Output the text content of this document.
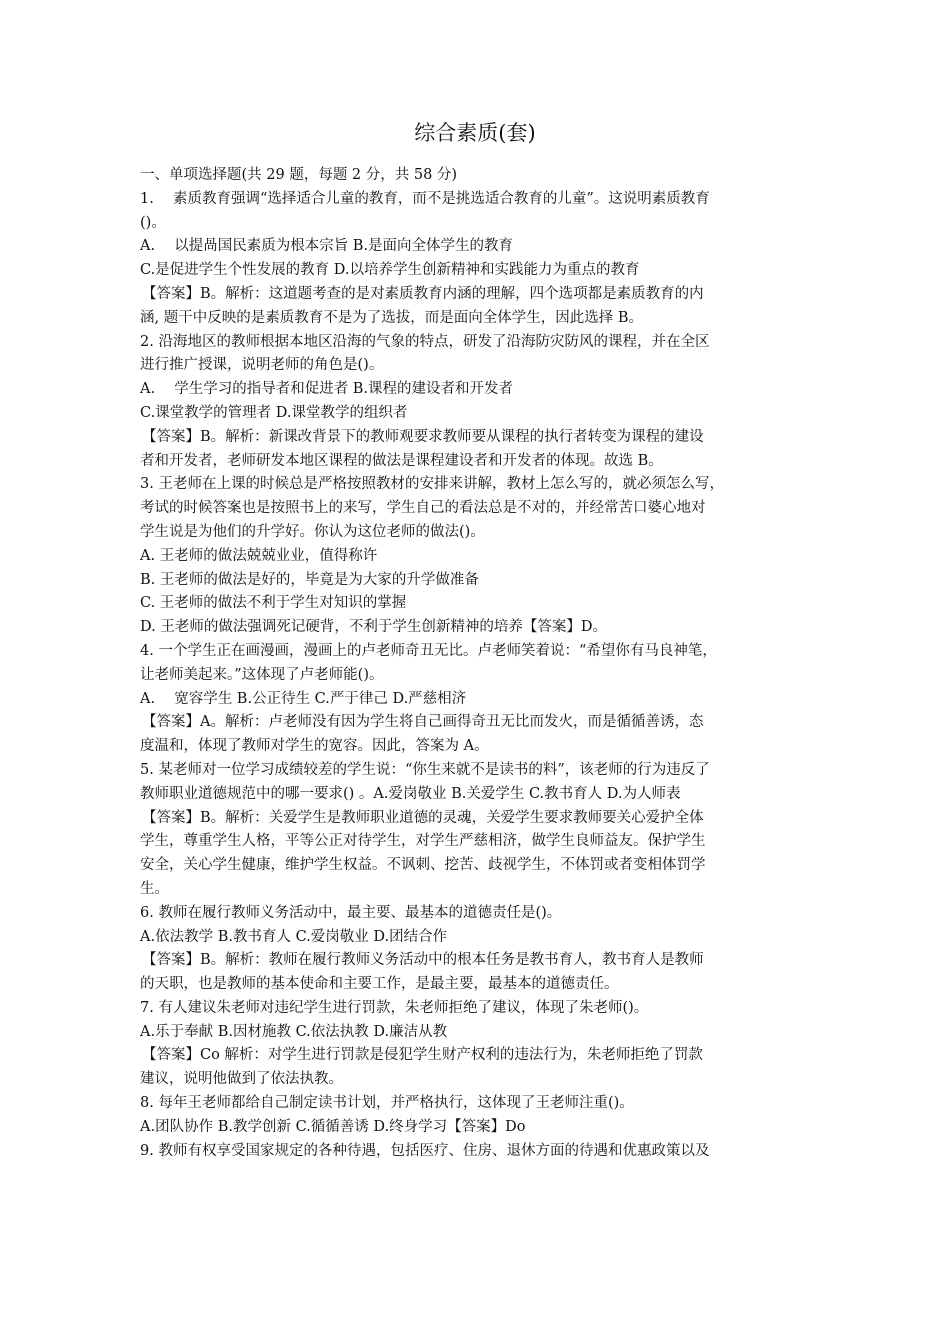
综合素质(套)

一、单项选择题(共 29 题，每题 2 分，共 58 分)

1.　 素质教育强调“选择适合儿童的教育，而不是挑选适合教育的儿童”。这说明素质教育

()。

A.　 以提咼国民素质为根本宗旨 B.是面向全体学生的教育

C.是促进学生个性发展的教育 D.以培养学生创新精神和实践能力为重点的教育

【答案】B。解析：这道题考查的是对素质教育内涵的理解，四个选项都是素质教育的内

涵, 题干中反映的是素质教育不是为了选拔，而是面向全体学生，因此选择 B。

2. 沿海地区的教师根据本地区沿海的气象的特点，研发了沿海防灾防风的课程，并在全区

进行推广授课，说明老师的角色是()。

A.　 学生学习的指导者和促进者 B.课程的建设者和开发者

C.课堂教学的管理者 D.课堂教学的组织者

【答案】B。解析：新课改背景下的教师观要求教师要从课程的执行者转变为课程的建设

者和开发者，老师研发本地区课程的做法是课程建设者和开发者的体现。故选 B。

3. 王老师在上课的时候总是严格按照教材的安排来讲解，教材上怎么写的，就必须怎么写，

考试的时候答案也是按照书上的来写，学生自己的看法总是不对的，并经常苦口婆心地对

学生说是为他们的升学好。你认为这位老师的做法()。

A. 王老师的做法兢兢业业，值得称许

B. 王老师的做法是好的，毕竟是为大家的升学做准备

C. 王老师的做法不利于学生对知识的掌握

D. 王老师的做法强调死记硬背，不利于学生创新精神的培养【答案】D。

4. 一个学生正在画漫画，漫画上的卢老师奇丑无比。卢老师笑着说：“希望你有马良神笔，

让老师美起来。”这体现了卢老师能()。

A.　 宽容学生 B.公正待生 C.严于律己 D.严慈相济

【答案】A。解析：卢老师没有因为学生将自己画得奇丑无比而发火，而是循循善诱，态

度温和，体现了教师对学生的宽容。因此，答案为 A。

5. 某老师对一位学习成绩较差的学生说：“你生来就不是读书的料”，该老师的行为违反了

教师职业道德规范中的哪一要求() 。A.爱岗敬业 B.关爱学生 C.教书育人 D.为人师表

【答案】B。解析：关爱学生是教师职业道德的灵魂，关爱学生要求教师要关心爱护全体

学生，尊重学生人格，平等公正对待学生，对学生严慈相济，做学生良师益友。保护学生

安全，关心学生健康，维护学生权益。不讽刺、挖苦、歧视学生，不体罚或者变相体罚学

生。

6. 教师在履行教师义务活动中，最主要、最基本的道德责任是()。

A.依法教学 B.教书育人 C.爱岗敬业 D.团结合作

【答案】B。解析：教师在履行教师义务活动中的根本任务是教书育人，教书育人是教师

的天职，也是教师的基本使命和主要工作，是最主要，最基本的道德责任。

7. 有人建议朱老师对违纪学生进行罚款，朱老师拒绝了建议，体现了朱老师()。

A.乐于奉献 B.因材施教 C.依法执教 D.廉洁从教

【答案】Co 解析：对学生进行罚款是侵犯学生财产权利的违法行为，朱老师拒绝了罚款

建议，说明他做到了依法执教。

8. 每年王老师都给自己制定读书计划，并严格执行，这体现了王老师注重()。

A.团队协作 B.教学创新 C.循循善诱 D.终身学习【答案】Do

9. 教师有权享受国家规定的各种待遇，包括医疗、住房、退休方面的待遇和优惠政策以及
